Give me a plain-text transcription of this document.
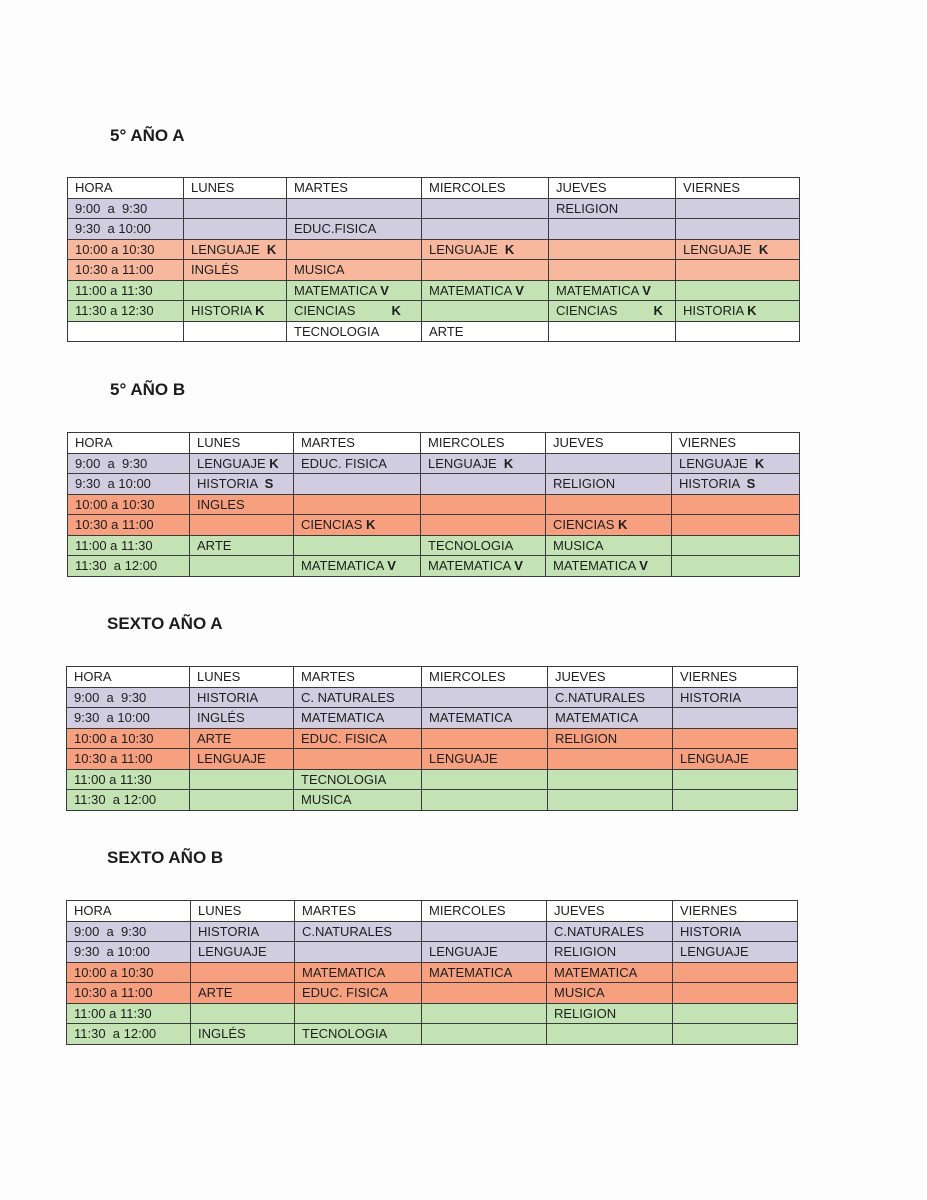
5° AÑO A
HORA	LUNES	MARTES	MIERCOLES	JUEVES	VIERNES
9:00  a  9:30				RELIGION	
9:30  a 10:00		EDUC.FISICA			
10:00 a 10:30	LENGUAJE  K		LENGUAJE  K		LENGUAJE  K
10:30 a 11:00	INGLÉS	MUSICA			
11:00 a 11:30		MATEMATICA V	MATEMATICA V	MATEMATICA V	
11:30 a 12:30	HISTORIA K	CIENCIAS          K		CIENCIAS          K	HISTORIA K
		TECNOLOGIA	ARTE		
5° AÑO B
HORA	LUNES	MARTES	MIERCOLES	JUEVES	VIERNES
9:00  a  9:30	LENGUAJE K	EDUC. FISICA	LENGUAJE  K		LENGUAJE  K
9:30  a 10:00	HISTORIA  S			RELIGION	HISTORIA  S
10:00 a 10:30	INGLES				
10:30 a 11:00		CIENCIAS K		CIENCIAS K	
11:00 a 11:30	ARTE		TECNOLOGIA	MUSICA	
11:30  a 12:00		MATEMATICA V	MATEMATICA V	MATEMATICA V	
SEXTO AÑO A
HORA	LUNES	MARTES	MIERCOLES	JUEVES	VIERNES
9:00  a  9:30	HISTORIA	C. NATURALES		C.NATURALES	HISTORIA
9:30  a 10:00	INGLÉS	MATEMATICA	MATEMATICA	MATEMATICA	
10:00 a 10:30	ARTE	EDUC. FISICA		RELIGION	
10:30 a 11:00	LENGUAJE		LENGUAJE		LENGUAJE
11:00 a 11:30		TECNOLOGIA			
11:30  a 12:00		MUSICA			
SEXTO AÑO B
HORA	LUNES	MARTES	MIERCOLES	JUEVES	VIERNES
9:00  a  9:30	HISTORIA	C.NATURALES		C.NATURALES	HISTORIA
9:30  a 10:00	LENGUAJE		LENGUAJE	RELIGION	LENGUAJE
10:00 a 10:30		MATEMATICA	MATEMATICA	MATEMATICA	
10:30 a 11:00	ARTE	EDUC. FISICA		MUSICA	
11:00 a 11:30				RELIGION	
11:30  a 12:00	INGLÉS	TECNOLOGIA			
